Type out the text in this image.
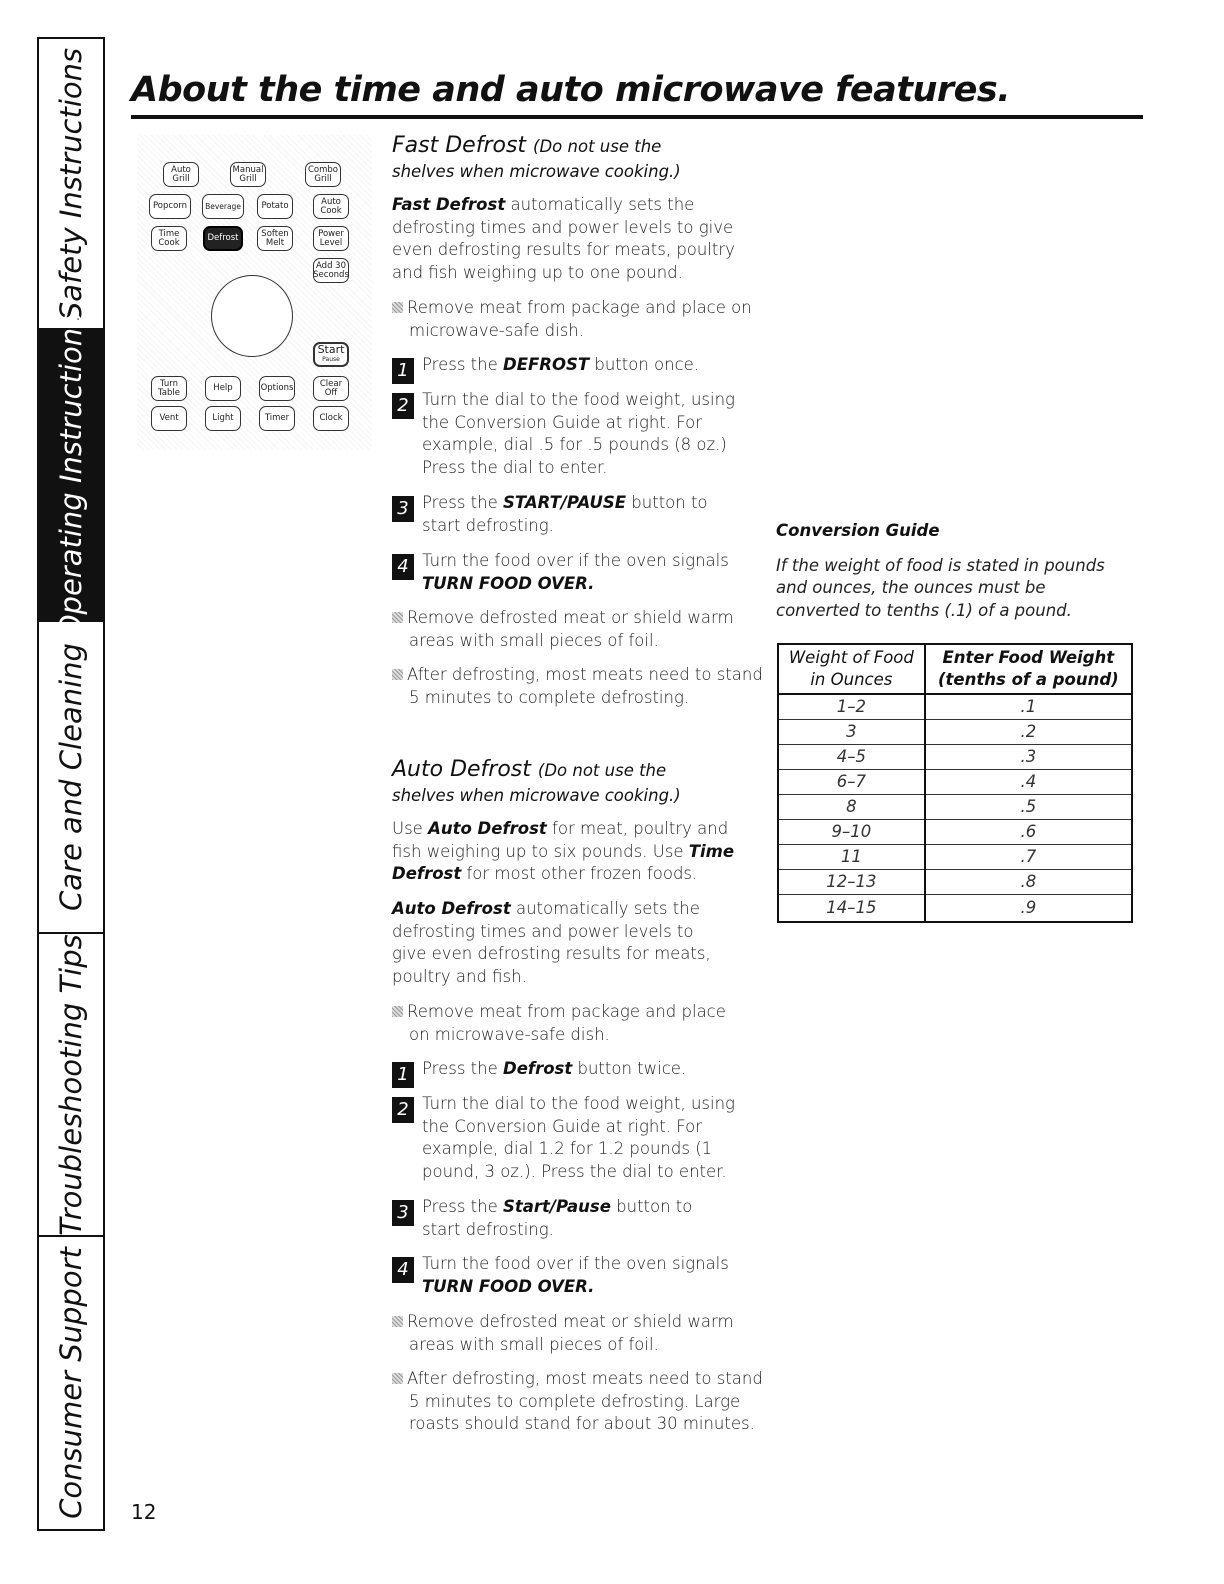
Safety Instructions
Operating Instructions
Care and Cleaning
Troubleshooting Tips
Consumer Support
About the time and auto microwave features.
Auto Grill
Manual Grill
Combo Grill
Popcorn	Beverage	Potato	Auto Cook
Time Cook	Defrost	Soften Melt
Power Level
Add 30 Seconds
Start
Pause
Turn Table	Help	Options	Clear Off
Vent	Light	Timer	Clock
Fast Defrost (Do not use the shelves when microwave cooking.)
Fast Defrost automatically sets the defrosting times and power levels to give even defrosting results for meats, poultry and fish weighing up to one pound.
Remove meat from package and place on microwave-safe dish.
1 Press the DEFROST button once.
2 Turn the dial to the food weight, using the Conversion Guide at right. For example, dial .5 for .5 pounds (8 oz.) Press the dial to enter.
3 Press the START/PAUSE button to start defrosting.
4 Turn the food over if the oven signals TURN FOOD OVER.
Remove defrosted meat or shield warm areas with small pieces of foil.
After defrosting, most meats need to stand 5 minutes to complete defrosting.
Auto Defrost (Do not use the shelves when microwave cooking.)
Use Auto Defrost for meat, poultry and fish weighing up to six pounds. Use Time Defrost for most other frozen foods.
Auto Defrost automatically sets the defrosting times and power levels to give even defrosting results for meats, poultry and fish.
Remove meat from package and place on microwave-safe dish.
1 Press the Defrost button twice.
2 Turn the dial to the food weight, using the Conversion Guide at right. For example, dial 1.2 for 1.2 pounds (1 pound, 3 oz.). Press the dial to enter.
3 Press the Start/Pause button to start defrosting.
4 Turn the food over if the oven signals TURN FOOD OVER.
Remove defrosted meat or shield warm areas with small pieces of foil.
After defrosting, most meats need to stand 5 minutes to complete defrosting. Large roasts should stand for about 30 minutes.
Conversion Guide
If the weight of food is stated in pounds and ounces, the ounces must be converted to tenths (.1) of a pound.
Weight of Food
in Ounces	Enter Food Weight
(tenths of a pound)
1–2	.1
3	.2
4–5	.3
6–7	.4
8	.5
9–10	.6
11	.7
12–13	.8
14–15	.9
12
